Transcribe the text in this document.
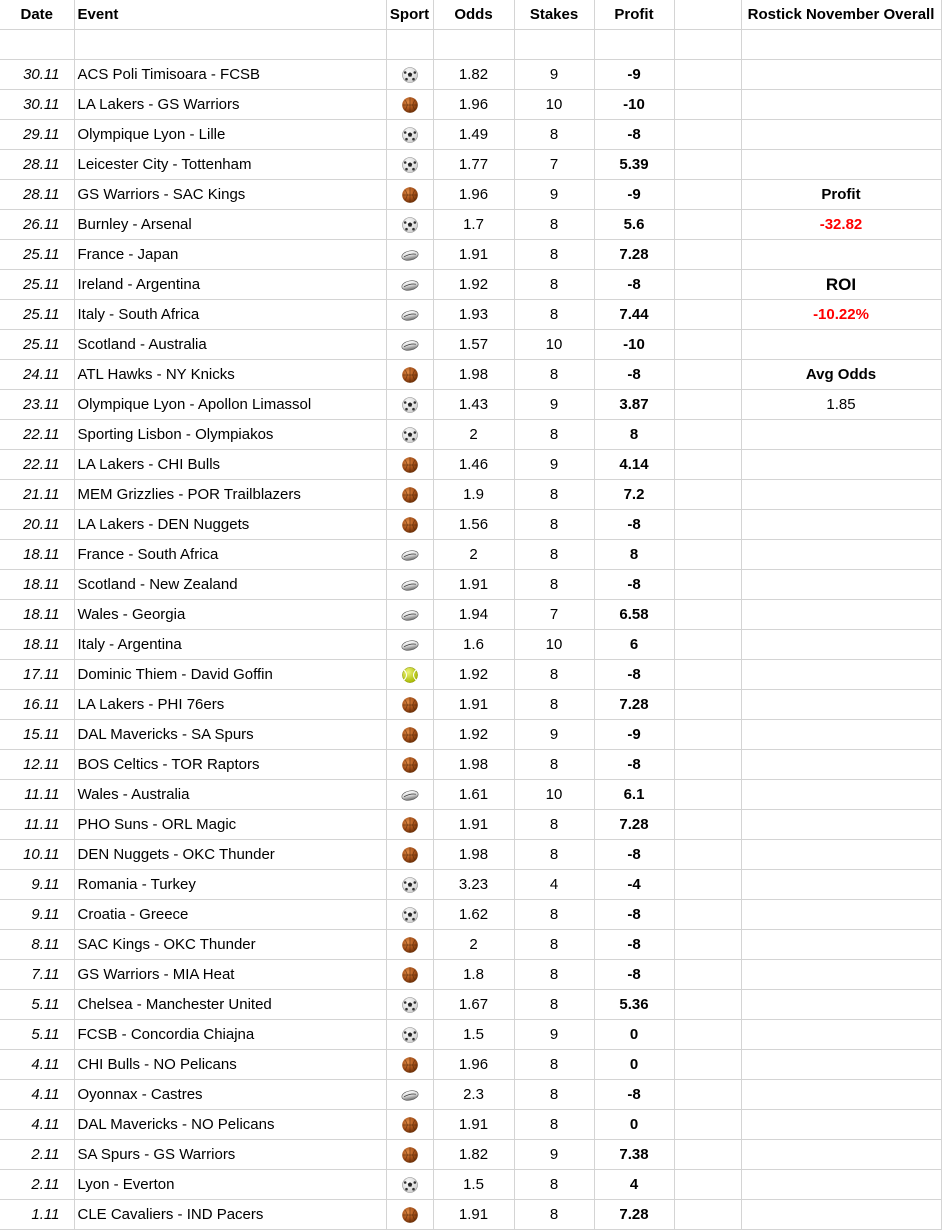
Date	Event	Sport	Odds	Stakes	Profit		Rostick November Overall

30.11	ACS Poli Timisoara - FCSB		1.82	9	-9		
30.11	LA Lakers - GS Warriors		1.96	10	-10		
29.11	Olympique Lyon - Lille		1.49	8	-8		
28.11	Leicester City - Tottenham		1.77	7	5.39		
28.11	GS Warriors - SAC Kings		1.96	9	-9		Profit
26.11	Burnley - Arsenal		1.7	8	5.6		-32.82
25.11	France - Japan		1.91	8	7.28		
25.11	Ireland - Argentina		1.92	8	-8		ROI
25.11	Italy - South Africa		1.93	8	7.44		-10.22%
25.11	Scotland - Australia		1.57	10	-10		
24.11	ATL Hawks - NY Knicks		1.98	8	-8		Avg Odds
23.11	Olympique Lyon - Apollon Limassol		1.43	9	3.87		1.85
22.11	Sporting Lisbon - Olympiakos		2	8	8		
22.11	LA Lakers - CHI Bulls		1.46	9	4.14		
21.11	MEM Grizzlies - POR Trailblazers		1.9	8	7.2		
20.11	LA Lakers - DEN Nuggets		1.56	8	-8		
18.11	France - South Africa		2	8	8		
18.11	Scotland - New Zealand		1.91	8	-8		
18.11	Wales - Georgia		1.94	7	6.58		
18.11	Italy - Argentina		1.6	10	6		
17.11	Dominic Thiem - David Goffin		1.92	8	-8		
16.11	LA Lakers - PHI 76ers		1.91	8	7.28		
15.11	DAL Mavericks - SA Spurs		1.92	9	-9		
12.11	BOS Celtics - TOR Raptors		1.98	8	-8		
11.11	Wales - Australia		1.61	10	6.1		
11.11	PHO Suns - ORL Magic		1.91	8	7.28		
10.11	DEN Nuggets - OKC Thunder		1.98	8	-8		
9.11	Romania - Turkey		3.23	4	-4		
9.11	Croatia - Greece		1.62	8	-8		
8.11	SAC Kings - OKC Thunder		2	8	-8		
7.11	GS Warriors - MIA Heat		1.8	8	-8		
5.11	Chelsea - Manchester United		1.67	8	5.36		
5.11	FCSB - Concordia Chiajna		1.5	9	0		
4.11	CHI Bulls - NO Pelicans		1.96	8	0		
4.11	Oyonnax - Castres		2.3	8	-8		
4.11	DAL Mavericks - NO Pelicans		1.91	8	0		
2.11	SA Spurs - GS Warriors		1.82	9	7.38		
2.11	Lyon - Everton		1.5	8	4		
1.11	CLE Cavaliers - IND Pacers		1.91	8	7.28		
